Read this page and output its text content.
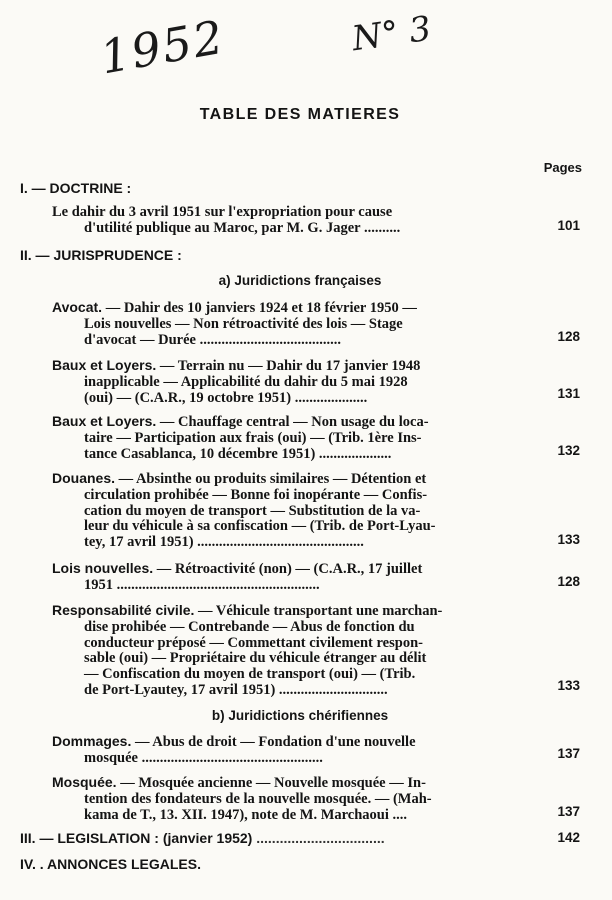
1952	N° 3
TABLE DES MATIERES
Pages
I. — DOCTRINE :
Le dahir du 3 avril 1951 sur l'expropriation pour cause
d'utilité publique au Maroc, par M. G. Jager ..........	101
II. — JURISPRUDENCE :
a) Juridictions françaises
Avocat. — Dahir des 10 janviers 1924 et 18 février 1950 —
Lois nouvelles — Non rétroactivité des lois — Stage
d'avocat — Durée .......................................	128
Baux et Loyers. — Terrain nu — Dahir du 17 janvier 1948
inapplicable — Applicabilité du dahir du 5 mai 1928
(oui) — (C.A.R., 19 octobre 1951) ....................	131
Baux et Loyers. — Chauffage central — Non usage du loca-
taire — Participation aux frais (oui) — (Trib. 1ère Ins-
tance Casablanca, 10 décembre 1951) ....................	132
Douanes. — Absinthe ou produits similaires — Détention et
circulation prohibée — Bonne foi inopérante — Confis-
cation du moyen de transport — Substitution de la va-
leur du véhicule à sa confiscation — (Trib. de Port-Lyau-
tey, 17 avril 1951) ..............................................	133
Lois nouvelles. — Rétroactivité (non) — (C.A.R., 17 juillet
1951 ........................................................	128
Responsabilité civile. — Véhicule transportant une marchan-
dise prohibée — Contrebande — Abus de fonction du
conducteur préposé — Commettant civilement respon-
sable (oui) — Propriétaire du véhicule étranger au délit
— Confiscation du moyen de transport (oui) — (Trib.
de Port-Lyautey, 17 avril 1951) ..............................	133
b) Juridictions chérifiennes
Dommages. — Abus de droit — Fondation d'une nouvelle
mosquée ..................................................	137
Mosquée. — Mosquée ancienne — Nouvelle mosquée — In-
tention des fondateurs de la nouvelle mosquée. — (Mah-
kama de T., 13. XII. 1947), note de M. Marchaoui ....	137
III. — LEGISLATION : (janvier 1952) .................................	142
IV. . ANNONCES LEGALES.
